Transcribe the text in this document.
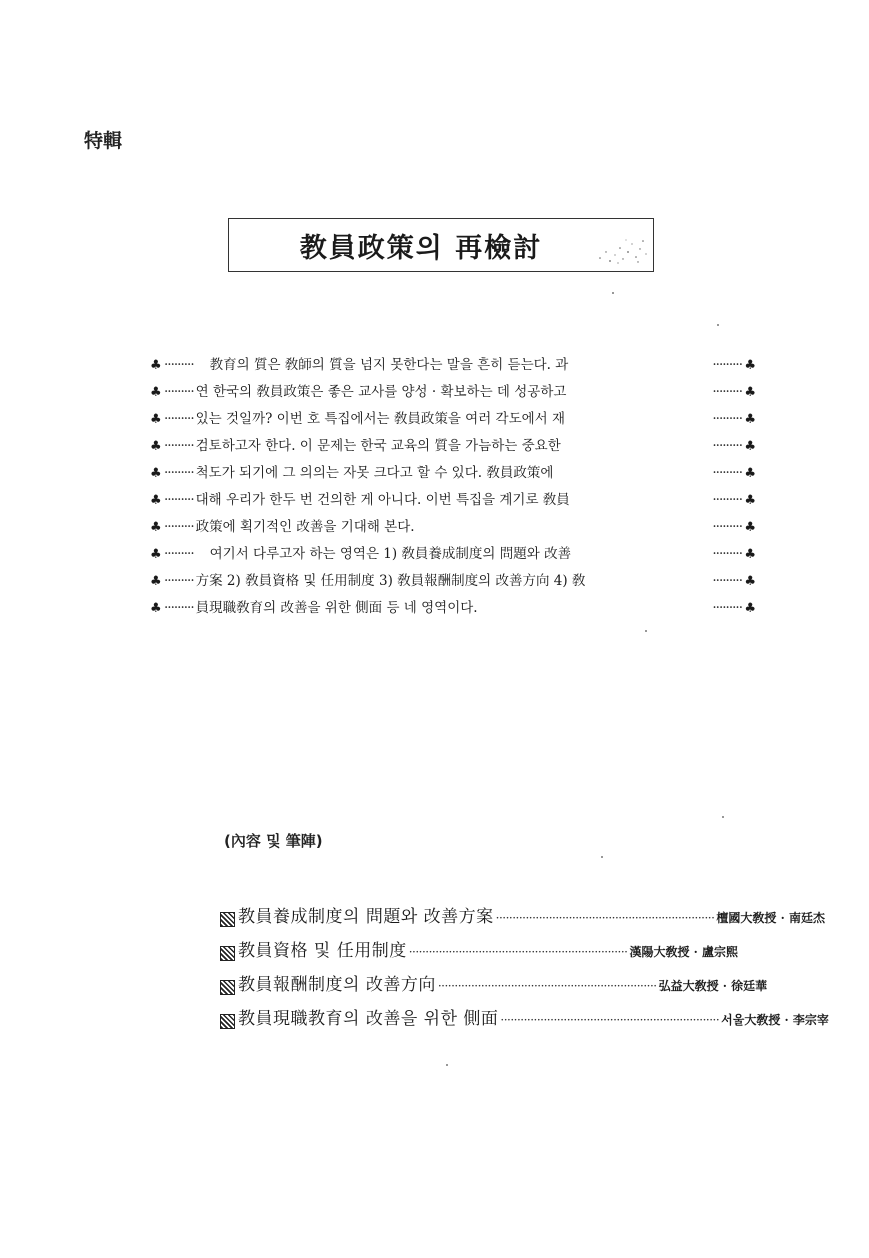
特輯
教員政策의 再檢討
♣ ·········	教育의 質은 敎師의 質을 넘지 못한다는 말을 흔히 듣는다. 과	········· ♣
♣ ········· 연 한국의 敎員政策은 좋은 교사를 양성 · 확보하는 데 성공하고	········· ♣
♣ ········· 있는 것일까? 이번 호 특집에서는 敎員政策을 여러 각도에서 재	········· ♣
♣ ········· 검토하고자 한다. 이 문제는 한국 교육의 質을 가늠하는 중요한	········· ♣
♣ ········· 척도가 되기에 그 의의는 자못 크다고 할 수 있다. 敎員政策에	········· ♣
♣ ········· 대해 우리가 한두 번 건의한 게 아니다. 이번 특집을 계기로 敎員	········· ♣
♣ ········· 政策에 획기적인 改善을 기대해 본다.	········· ♣
♣ ·········	여기서 다루고자 하는 영역은 1) 敎員養成制度의 問題와 改善	········· ♣
♣ ········· 方案 2) 敎員資格 및 任用制度 3) 敎員報酬制度의 改善方向 4) 敎	········· ♣
♣ ········· 員現職敎育의 改善을 위한 側面 등 네 영역이다.	········· ♣
(內容 및 筆陣)
教員養成制度의 問題와 改善方案 ·································································· 檀國大敎授 · 南廷杰
教員資格 및 任用制度 ·································································· 漢陽大敎授 · 盧宗熙
教員報酬制度의 改善方向 ·································································· 弘益大敎授 · 徐廷華
教員現職教育의 改善을 위한 側面 ·································································· 서울大敎授 · 李宗宰
